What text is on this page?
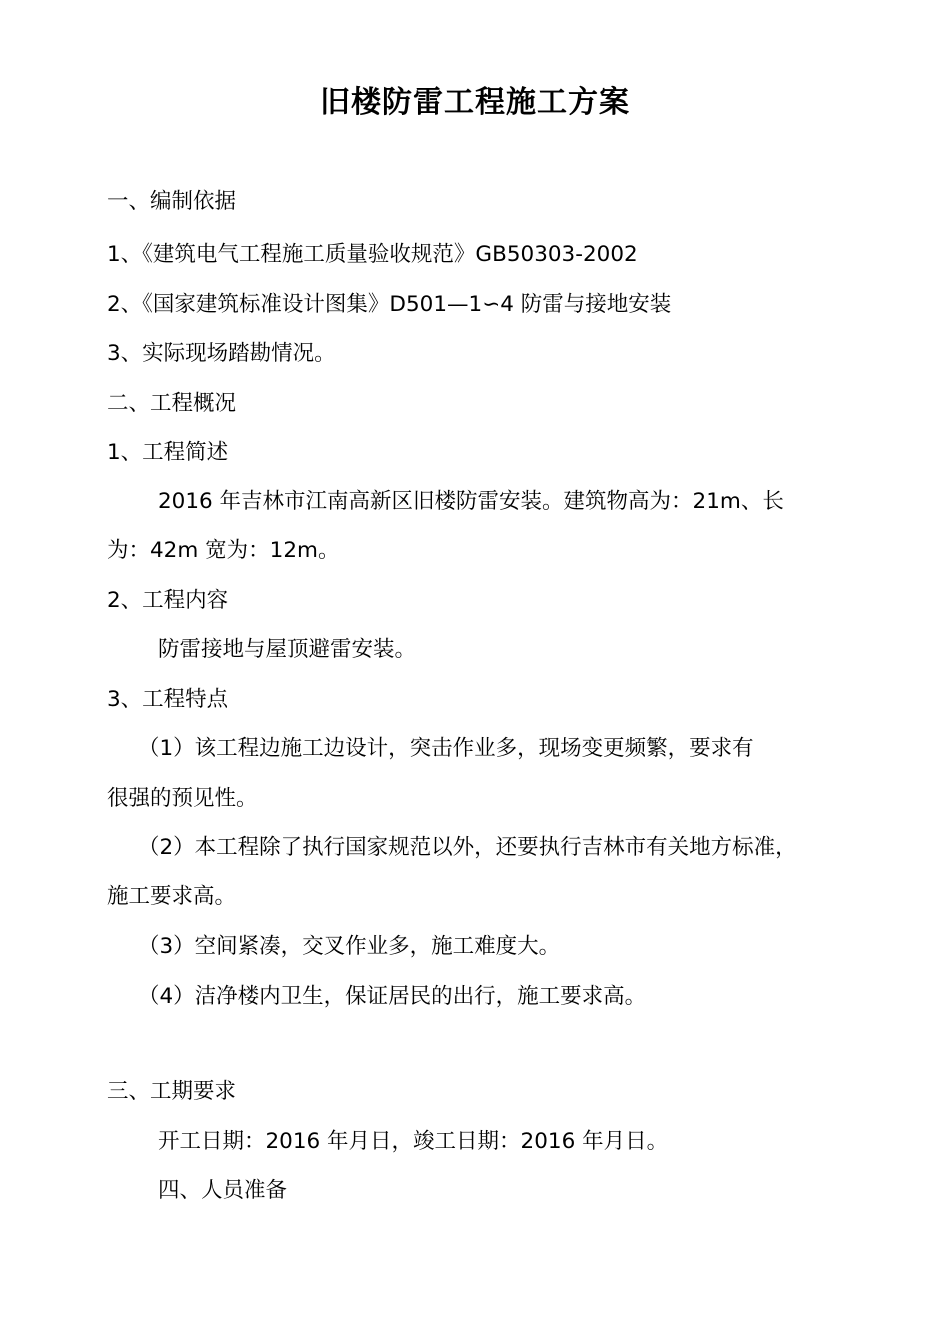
旧楼防雷工程施工方案
一、编制依据
1、《建筑电气工程施工质量验收规范》GB50303-2002
2、《国家建筑标准设计图集》D501—1∽4 防雷与接地安装
3、实际现场踏勘情况。
二、工程概况
1、工程简述
2016 年吉林市江南高新区旧楼防雷安装。建筑物高为：21m、长
为：42m 宽为：12m。
2、工程内容
防雷接地与屋顶避雷安装。
3、工程特点
（1）该工程边施工边设计，突击作业多，现场变更频繁，要求有
很强的预见性。
（2）本工程除了执行国家规范以外，还要执行吉林市有关地方标准，
施工要求高。
（3）空间紧凑，交叉作业多，施工难度大。
（4）洁净楼内卫生，保证居民的出行，施工要求高。
三、工期要求
开工日期：2016 年月日，竣工日期：2016 年月日。
四、人员准备
